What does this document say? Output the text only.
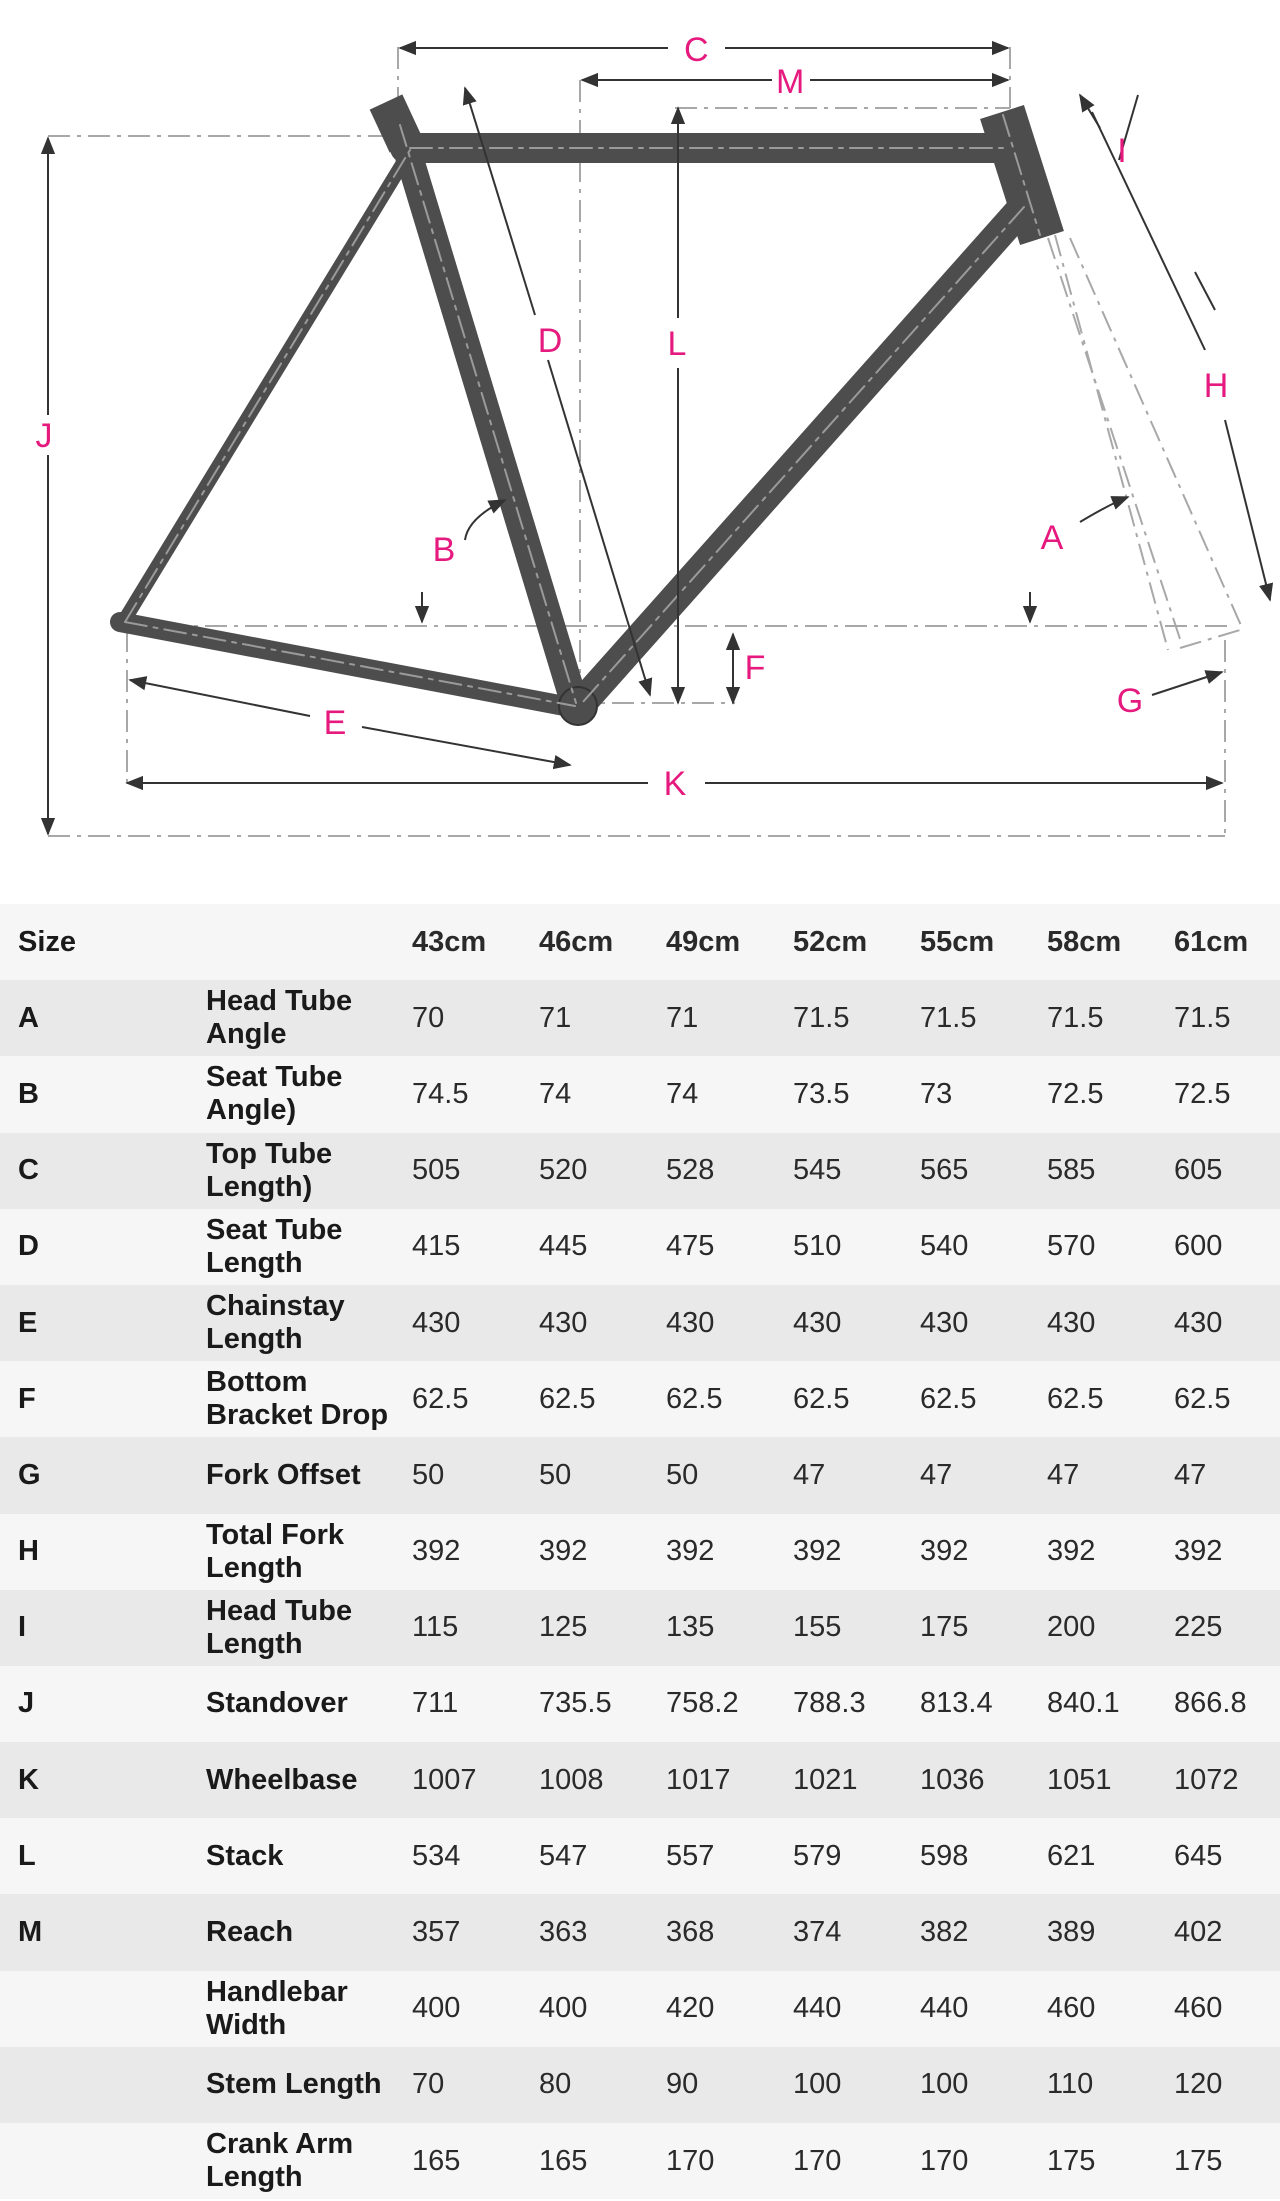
C
M
I
D	L
H
J
B	A
F
G
E
K
Size		43cm	46cm	49cm	52cm	55cm	58cm	61cm
A	Head Tube Angle	70	71	71	71.5	71.5	71.5	71.5
B	Seat Tube Angle)	74.5	74	74	73.5	73	72.5	72.5
C	Top Tube Length)	505	520	528	545	565	585	605
D	Seat Tube Length	415	445	475	510	540	570	600
E	Chainstay Length	430	430	430	430	430	430	430
F	Bottom Bracket Drop	62.5	62.5	62.5	62.5	62.5	62.5	62.5
G	Fork Offset	50	50	50	47	47	47	47
H	Total Fork Length	392	392	392	392	392	392	392
I	Head Tube Length	115	125	135	155	175	200	225
J	Standover	711	735.5	758.2	788.3	813.4	840.1	866.8
K	Wheelbase	1007	1008	1017	1021	1036	1051	1072
L	Stack	534	547	557	579	598	621	645
M	Reach	357	363	368	374	382	389	402
	Handlebar Width	400	400	420	440	440	460	460
	Stem Length	70	80	90	100	100	110	120
	Crank Arm Length	165	165	170	170	170	175	175
